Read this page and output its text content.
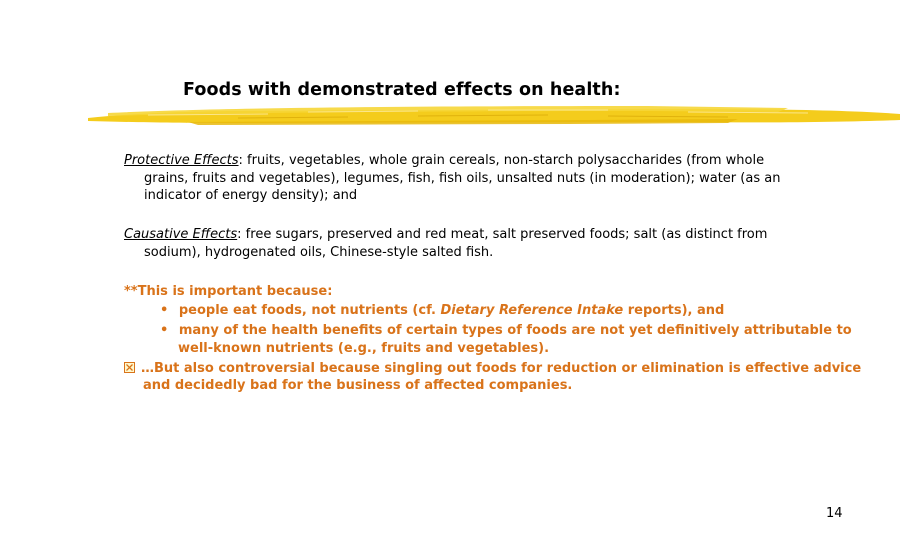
Foods with demonstrated effects on health:
Protective Effects: fruits, vegetables, whole grain cereals, non-starch polysaccharides (from whole
grains, fruits and vegetables), legumes, fish, fish oils, unsalted nuts (in moderation); water (as an
indicator of energy density); and
Causative Effects: free sugars, preserved and red meat, salt preserved foods; salt (as distinct from
sodium), hydrogenated oils, Chinese-style salted fish.
**This is important because:
• people eat foods, not nutrients (cf. Dietary Reference Intake reports), and
• many of the health benefits of certain types of foods are not yet definitively attributable to
well-known nutrients (e.g., fruits and vegetables).
…But also controversial because singling out foods for reduction or elimination is effective advice
and decidedly bad for the business of affected companies.
14
